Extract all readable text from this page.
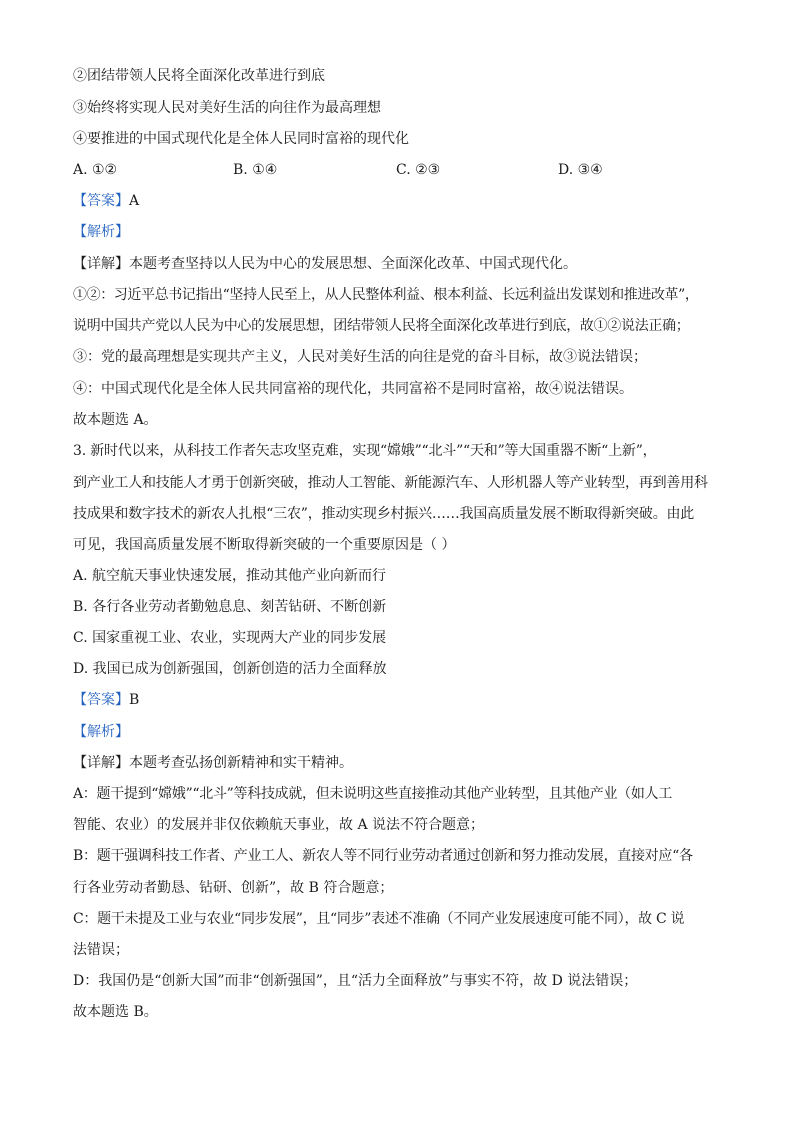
②团结带领人民将全面深化改革进行到底
③始终将实现人民对美好生活的向往作为最高理想
④要推进的中国式现代化是全体人民同时富裕的现代化
A. ①②	B. ①④	C. ②③	D. ③④
【答案】A
【解析】
【详解】本题考查坚持以人民为中心的发展思想、全面深化改革、中国式现代化。
①②：习近平总书记指出“坚持人民至上，从人民整体利益、根本利益、长远利益出发谋划和推进改革”，
说明中国共产党以人民为中心的发展思想，团结带领人民将全面深化改革进行到底，故①②说法正确；
③：党的最高理想是实现共产主义，人民对美好生活的向往是党的奋斗目标，故③说法错误；
④：中国式现代化是全体人民共同富裕的现代化，共同富裕不是同时富裕，故④说法错误。
故本题选 A。
3. 新时代以来，从科技工作者矢志攻坚克难，实现“嫦娥”“北斗”“天和”等大国重器不断“上新”，
到产业工人和技能人才勇于创新突破，推动人工智能、新能源汽车、人形机器人等产业转型，再到善用科
技成果和数字技术的新农人扎根“三农”，推动实现乡村振兴……我国高质量发展不断取得新突破。由此
可见，我国高质量发展不断取得新突破的一个重要原因是（ ）
A. 航空航天事业快速发展，推动其他产业向新而行
B. 各行各业劳动者勤勉息息、刻苦钻研、不断创新
C. 国家重视工业、农业，实现两大产业的同步发展
D. 我国已成为创新强国，创新创造的活力全面释放
【答案】B
【解析】
【详解】本题考查弘扬创新精神和实干精神。
A：题干提到“嫦娥”“北斗”等科技成就，但未说明这些直接推动其他产业转型，且其他产业（如人工
智能、农业）的发展并非仅依赖航天事业，故 A 说法不符合题意；
B：题干强调科技工作者、产业工人、新农人等不同行业劳动者通过创新和努力推动发展，直接对应“各
行各业劳动者勤恳、钻研、创新”，故 B 符合题意；
C：题干未提及工业与农业“同步发展”，且“同步”表述不准确（不同产业发展速度可能不同），故 C 说
法错误；
D：我国仍是“创新大国”而非“创新强国”，且“活力全面释放”与事实不符，故 D 说法错误；
故本题选 B。
